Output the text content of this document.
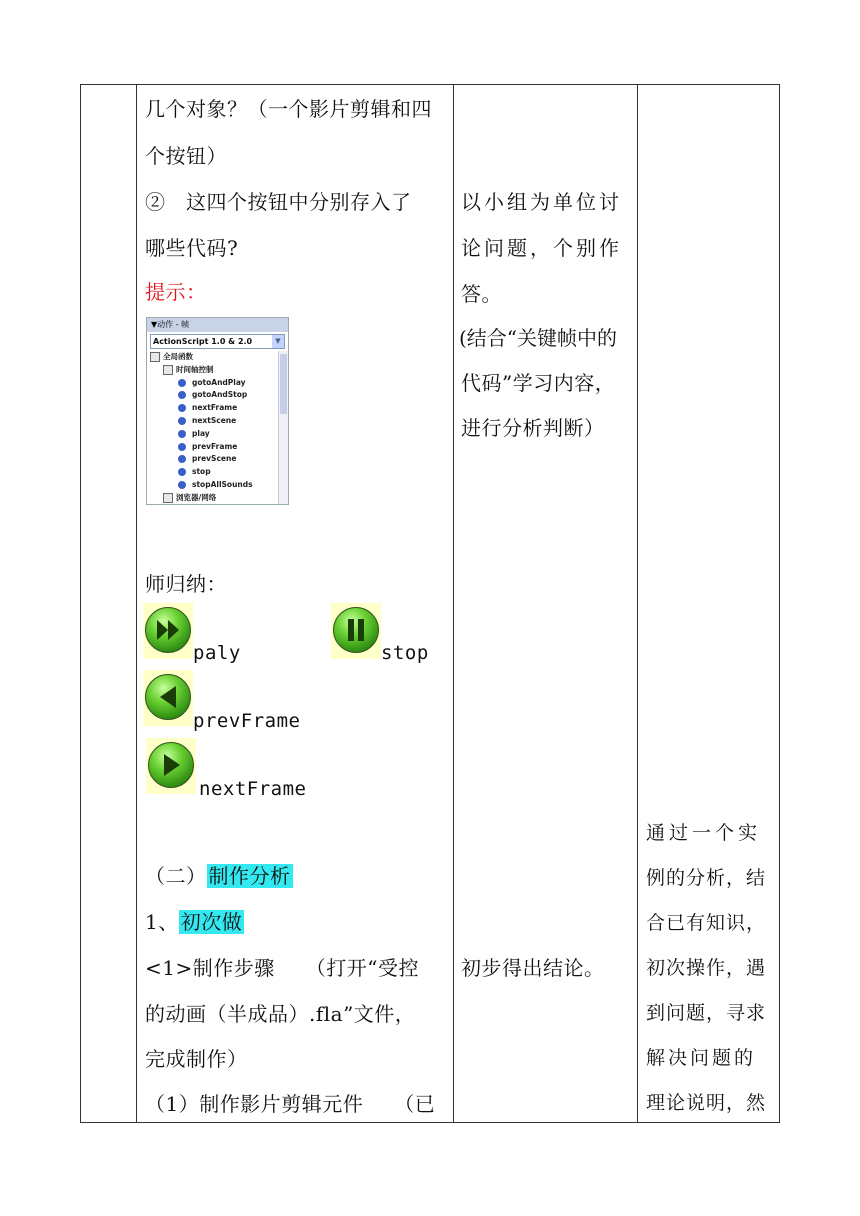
几个对象？（一个影片剪辑和四
个按钮）
②　这四个按钮中分别存入了
哪些代码?
提示：
▼动作 - 帧
ActionScript 1.0 & 2.0	▼
全局函数
时间轴控制
gotoAndPlay
gotoAndStop
nextFrame
nextScene
play
prevFrame
prevScene
stop
stopAllSounds
浏览器/网络
师归纳：
paly	stop
prevFrame
nextFrame
（二） 制作分析
1、 初次做
<1>制作步骤　　（打开“受控
的动画（半成品）.fla”文件，
完成制作）
（1）制作影片剪辑元件　　（已
以小组为单位讨
论问题，个别作
答。
(结合“关键帧中的
代码”学习内容，
进行分析判断）
初步得出结论。
通过一个实
例的分析，结
合已有知识，
初次操作，遇
到问题，寻求
解决问题的
理论说明，然
